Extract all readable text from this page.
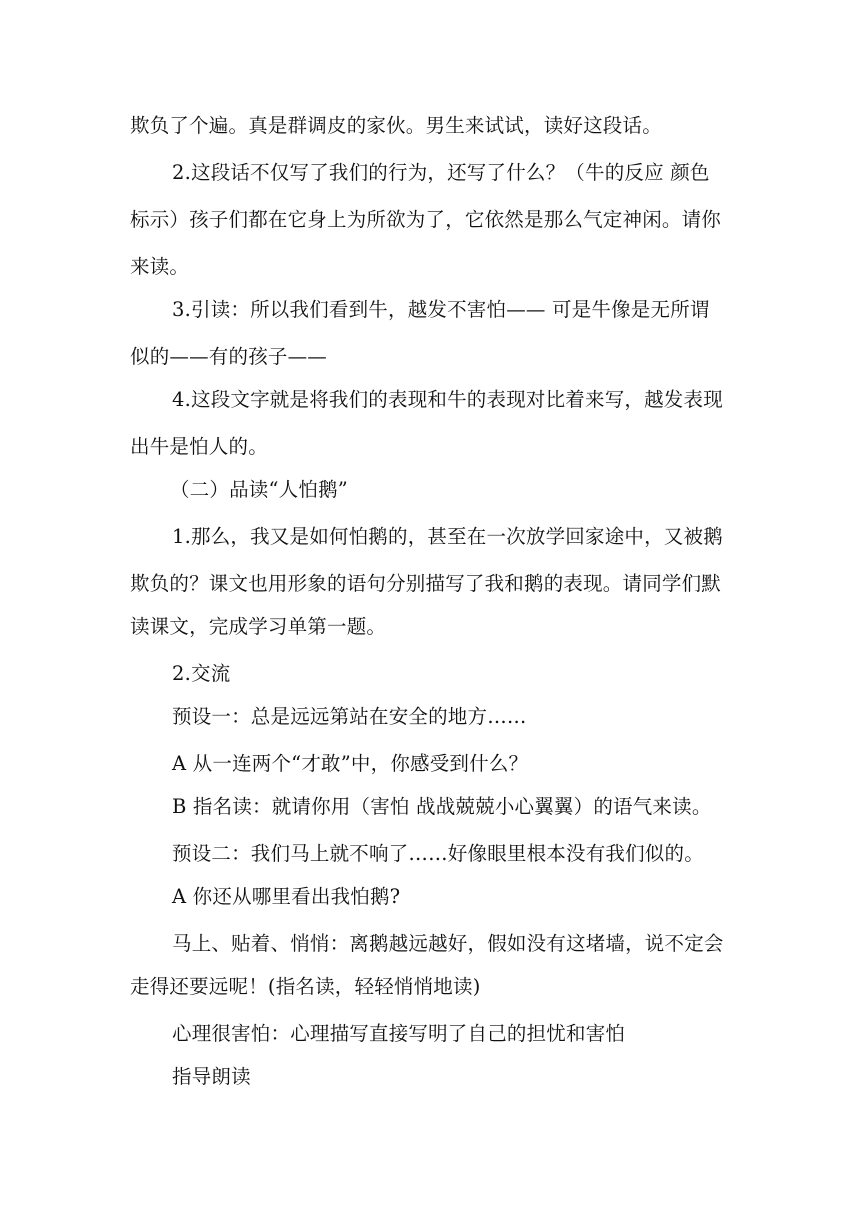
欺负了个遍。真是群调皮的家伙。男生来试试，读好这段话。
2.这段话不仅写了我们的行为，还写了什么？（牛的反应 颜色
标示）孩子们都在它身上为所欲为了，它依然是那么气定神闲。请你
来读。
3.引读：所以我们看到牛，越发不害怕—— 可是牛像是无所谓
似的——有的孩子——
4.这段文字就是将我们的表现和牛的表现对比着来写，越发表现
出牛是怕人的。
（二）品读“人怕鹅”
1.那么，我又是如何怕鹅的，甚至在一次放学回家途中，又被鹅
欺负的？课文也用形象的语句分别描写了我和鹅的表现。请同学们默
读课文，完成学习单第一题。
2.交流
预设一：总是远远第站在安全的地方……
A 从一连两个“才敢”中，你感受到什么？
B 指名读：就请你用（害怕 战战兢兢小心翼翼）的语气来读。
预设二：我们马上就不响了……好像眼里根本没有我们似的。
A 你还从哪里看出我怕鹅?
马上、贴着、悄悄：离鹅越远越好，假如没有这堵墙，说不定会
走得还要远呢！(指名读，轻轻悄悄地读)
心理很害怕：心理描写直接写明了自己的担忧和害怕
指导朗读
